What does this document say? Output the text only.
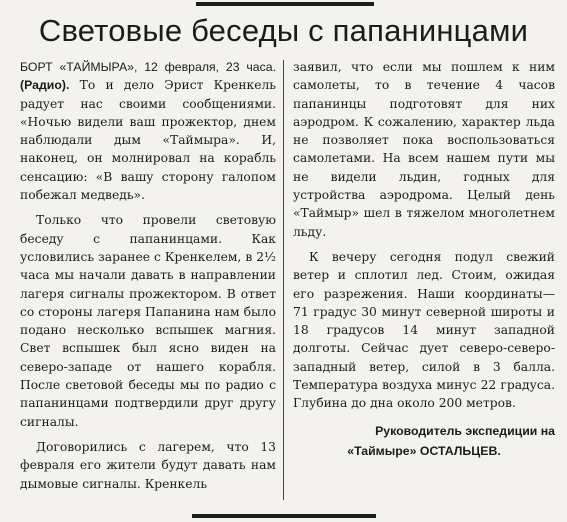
Световые беседы с папанинцами

БОРТ «ТАЙМЫРА», 12 февраля, 23 часа. (Радио). То и дело Эрист Кренкель радует нас своими сообщениями. «Ночью видели ваш прожектор, днем наблюдали дым «Таймыра». И, наконец, он молнировал на корабль сенсацию: «В вашу сторону галопом побежал медведь».

Только что провели световую беседу с папанинцами. Как условились заранее с Кренкелем, в 2½ часа мы начали давать в направлении лагеря сигналы прожектором. В ответ со стороны лагеря Папанина нам было подано несколько вспышек магния. Свет вспышек был ясно виден на северо-западе от нашего корабля. После световой беседы мы по радио с папанинцами подтвердили друг другу сигналы.

Договорились с лагерем, что 13 февраля его жители будут давать нам дымовые сигналы. Кренкель

заявил, что если мы пошлем к ним самолеты, то в течение 4 часов папанинцы подготовят для них аэродром. К сожалению, характер льда не позволяет пока воспользоваться самолетами. На всем нашем пути мы не видели льдин, годных для устройства аэродрома. Целый день «Таймыр» шел в тяжелом многолетнем льду.

К вечеру сегодня подул свежий ветер и сплотил лед. Стоим, ожидая его разрежения. Наши координаты— 71 градус 30 минут северной широты и 18 градусов 14 минут западной долготы. Сейчас дует северо-северо-западный ветер, силой в 3 балла. Температура воздуха минус 22 градуса. Глубина до дна около 200 метров.

Руководитель экспедиции на
«Таймыре» ОСТАЛЬЦЕВ.
